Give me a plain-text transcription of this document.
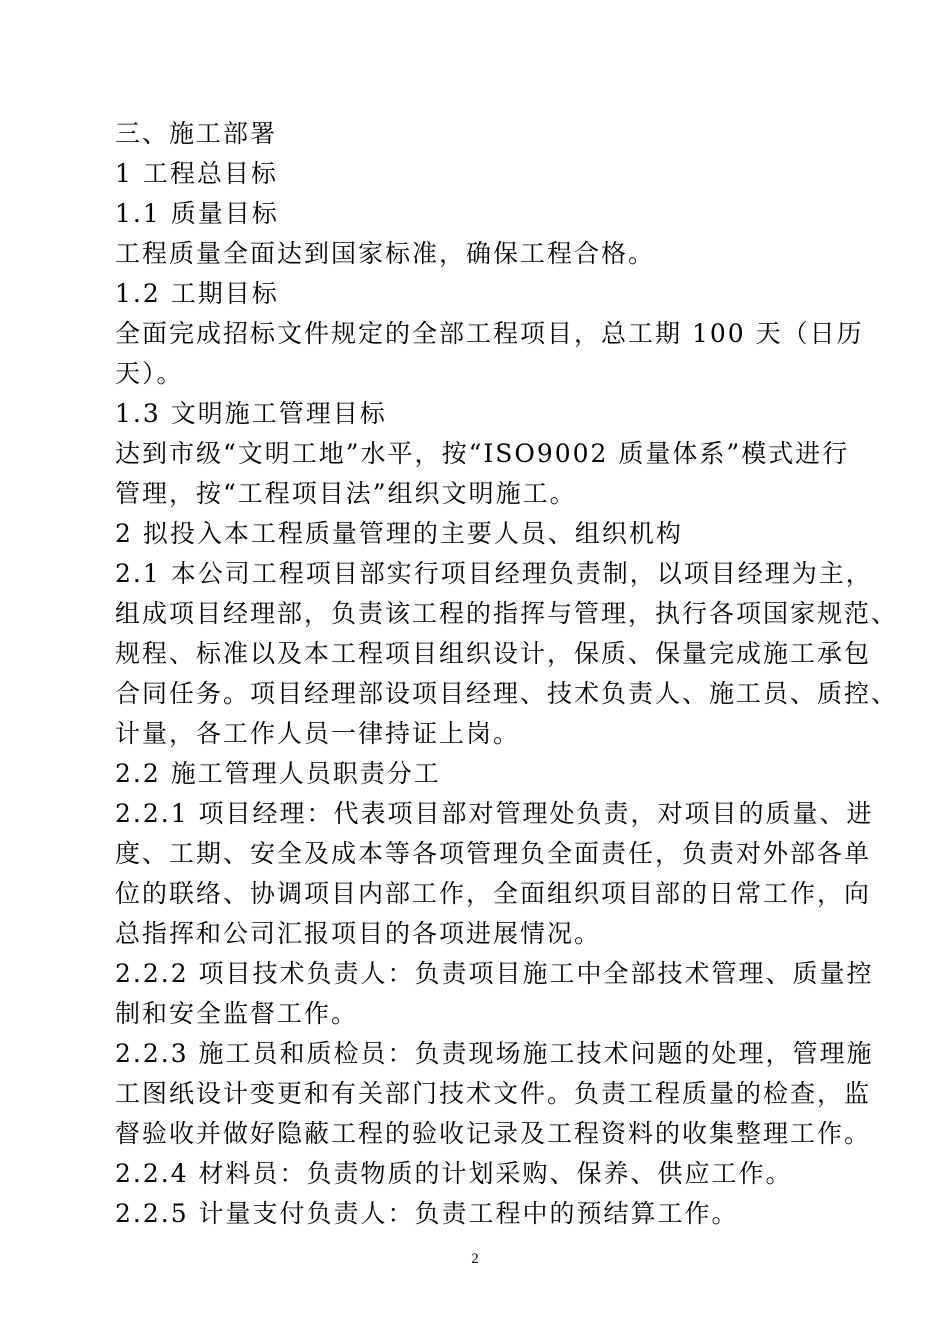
三、施工部署
1 工程总目标
1.1 质量目标
工程质量全面达到国家标准，确保工程合格。
1.2 工期目标
全面完成招标文件规定的全部工程项目，总工期 100 天（日历
天）。
1.3 文明施工管理目标
达到市级“文明工地”水平，按“ISO9002 质量体系”模式进行
管理，按“工程项目法”组织文明施工。
2 拟投入本工程质量管理的主要人员、组织机构
2.1 本公司工程项目部实行项目经理负责制，以项目经理为主，
组成项目经理部，负责该工程的指挥与管理，执行各项国家规范、
规程、标准以及本工程项目组织设计，保质、保量完成施工承包
合同任务。项目经理部设项目经理、技术负责人、施工员、质控、
计量，各工作人员一律持证上岗。
2.2 施工管理人员职责分工
2.2.1 项目经理：代表项目部对管理处负责，对项目的质量、进
度、工期、安全及成本等各项管理负全面责任，负责对外部各单
位的联络、协调项目内部工作，全面组织项目部的日常工作，向
总指挥和公司汇报项目的各项进展情况。
2.2.2 项目技术负责人：负责项目施工中全部技术管理、质量控
制和安全监督工作。
2.2.3 施工员和质检员：负责现场施工技术问题的处理，管理施
工图纸设计变更和有关部门技术文件。负责工程质量的检查，监
督验收并做好隐蔽工程的验收记录及工程资料的收集整理工作。
2.2.4 材料员：负责物质的计划采购、保养、供应工作。
2.2.5 计量支付负责人：负责工程中的预结算工作。
2
